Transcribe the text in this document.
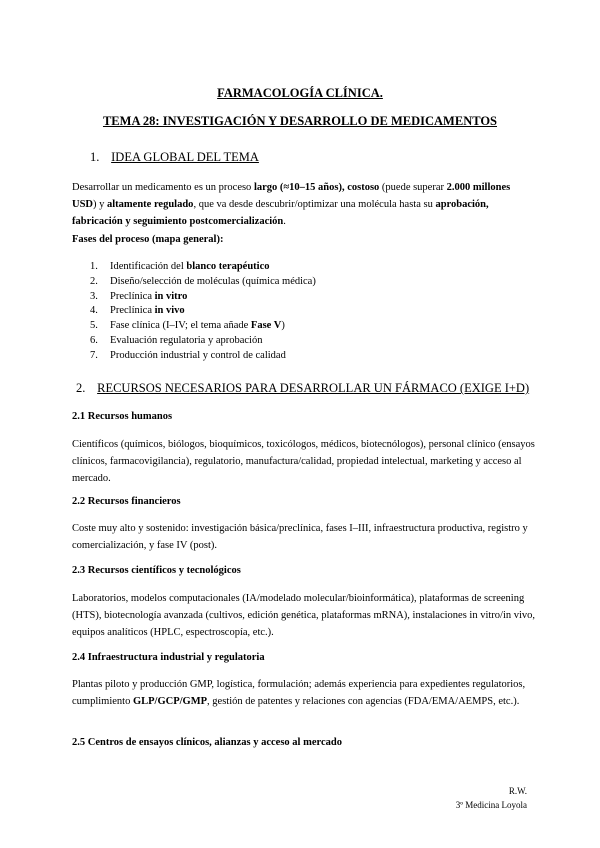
FARMACOLOGÍA CLÍNICA.
TEMA 28: INVESTIGACIÓN Y DESARROLLO DE MEDICAMENTOS
1. IDEA GLOBAL DEL TEMA
Desarrollar un medicamento es un proceso largo (≈10–15 años), costoso (puede superar 2.000 millones USD) y altamente regulado, que va desde descubrir/optimizar una molécula hasta su aprobación, fabricación y seguimiento postcomercialización.
Fases del proceso (mapa general):
1. Identificación del blanco terapéutico
2. Diseño/selección de moléculas (química médica)
3. Preclínica in vitro
4. Preclínica in vivo
5. Fase clínica (I–IV; el tema añade Fase V)
6. Evaluación regulatoria y aprobación
7. Producción industrial y control de calidad
2. RECURSOS NECESARIOS PARA DESARROLLAR UN FÁRMACO (EXIGE I+D)
2.1 Recursos humanos
Científicos (químicos, biólogos, bioquímicos, toxicólogos, médicos, biotecnólogos), personal clínico (ensayos clínicos, farmacovigilancia), regulatorio, manufactura/calidad, propiedad intelectual, marketing y acceso al mercado.
2.2 Recursos financieros
Coste muy alto y sostenido: investigación básica/preclínica, fases I–III, infraestructura productiva, registro y comercialización, y fase IV (post).
2.3 Recursos científicos y tecnológicos
Laboratorios, modelos computacionales (IA/modelado molecular/bioinformática), plataformas de screening (HTS), biotecnología avanzada (cultivos, edición genética, plataformas mRNA), instalaciones in vitro/in vivo, equipos analíticos (HPLC, espectroscopía, etc.).
2.4 Infraestructura industrial y regulatoria
Plantas piloto y producción GMP, logística, formulación; además experiencia para expedientes regulatorios, cumplimiento GLP/GCP/GMP, gestión de patentes y relaciones con agencias (FDA/EMA/AEMPS, etc.).
2.5 Centros de ensayos clínicos, alianzas y acceso al mercado
R.W.
3º Medicina Loyola
